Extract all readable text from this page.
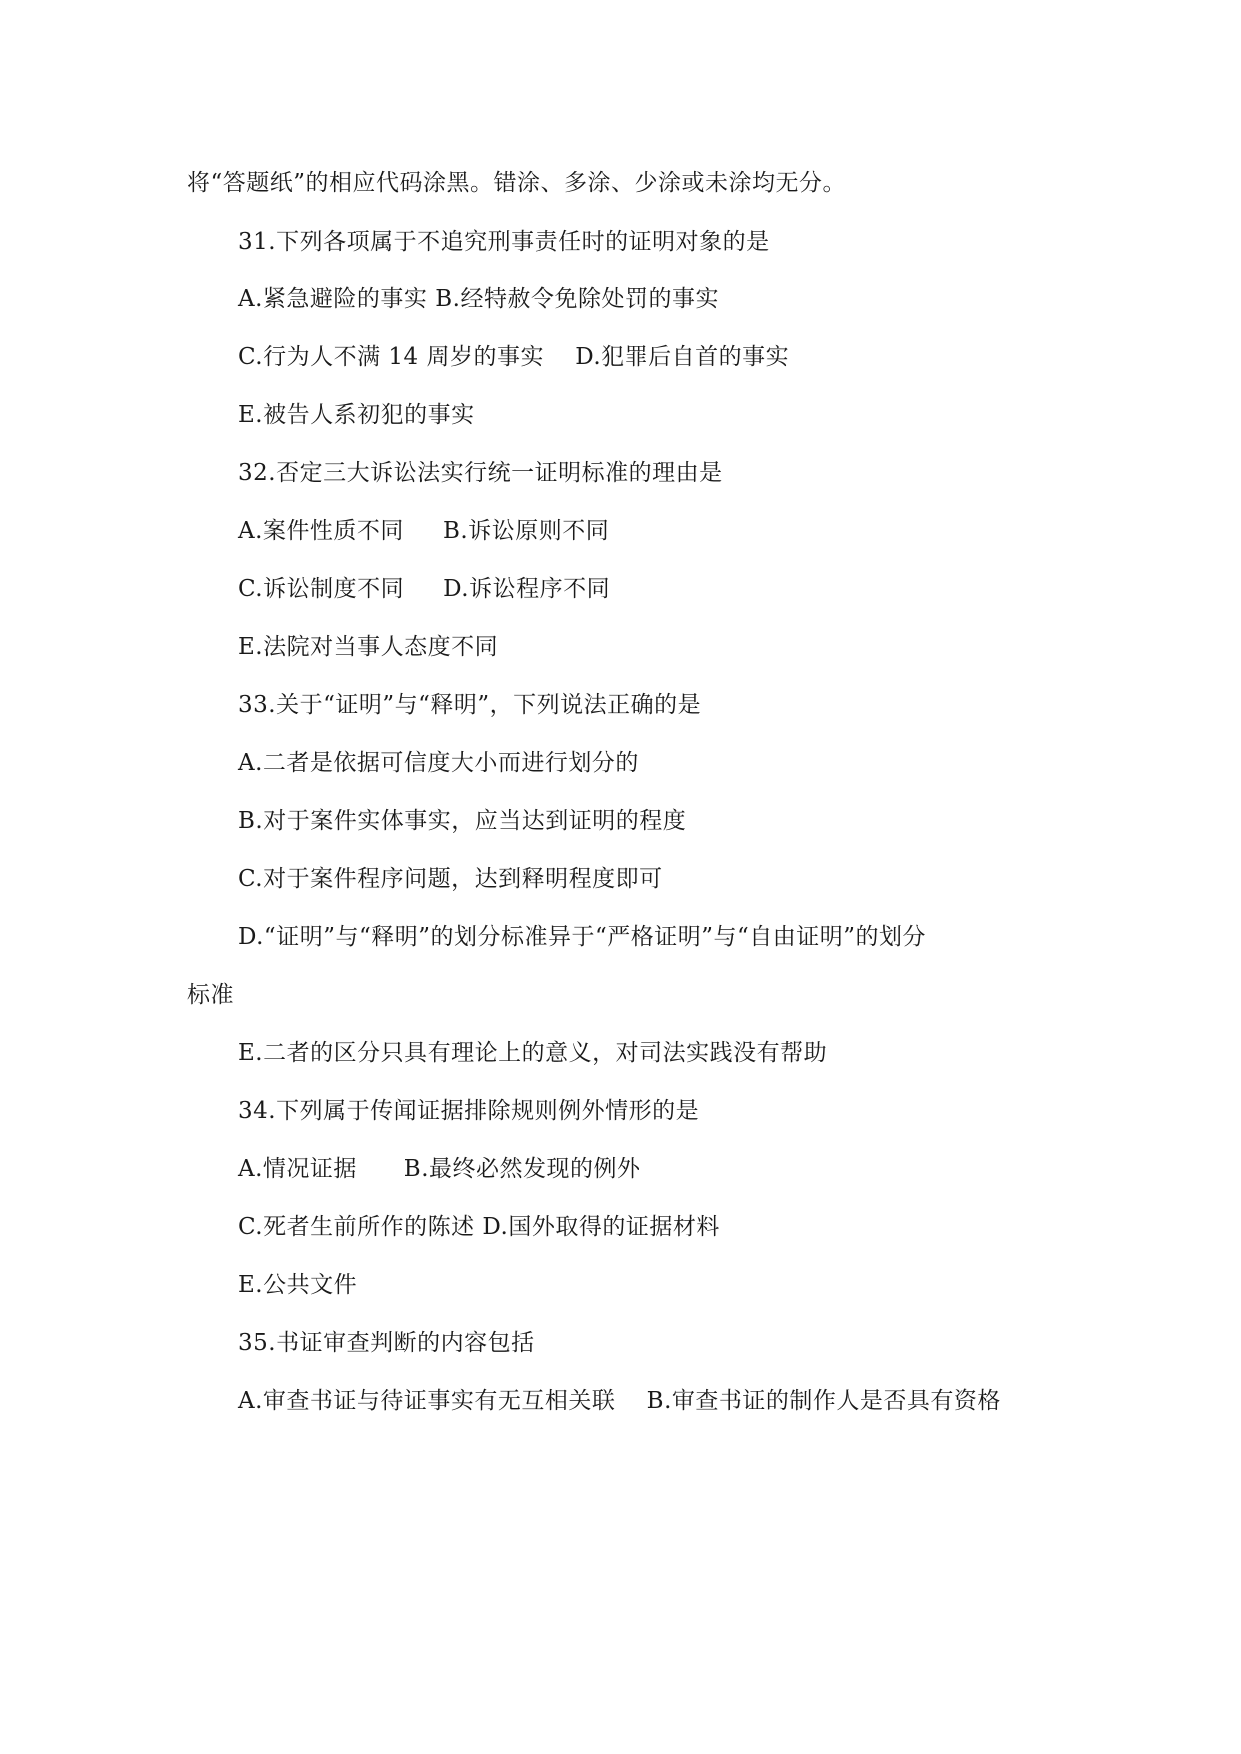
将“答题纸”的相应代码涂黑。错涂、多涂、少涂或未涂均无分。
31.下列各项属于不追究刑事责任时的证明对象的是
A.紧急避险的事实 B.经特赦令免除处罚的事实
C.行为人不满 14 周岁的事实    D.犯罪后自首的事实
E.被告人系初犯的事实
32.否定三大诉讼法实行统一证明标准的理由是
A.案件性质不同     B.诉讼原则不同
C.诉讼制度不同     D.诉讼程序不同
E.法院对当事人态度不同
33.关于“证明”与“释明”，下列说法正确的是
A.二者是依据可信度大小而进行划分的
B.对于案件实体事实，应当达到证明的程度
C.对于案件程序问题，达到释明程度即可
D.“证明”与“释明”的划分标准异于“严格证明”与“自由证明”的划分
标准
E.二者的区分只具有理论上的意义，对司法实践没有帮助
34.下列属于传闻证据排除规则例外情形的是
A.情况证据      B.最终必然发现的例外
C.死者生前所作的陈述 D.国外取得的证据材料
E.公共文件
35.书证审查判断的内容包括
A.审查书证与待证事实有无互相关联    B.审查书证的制作人是否具有资格
